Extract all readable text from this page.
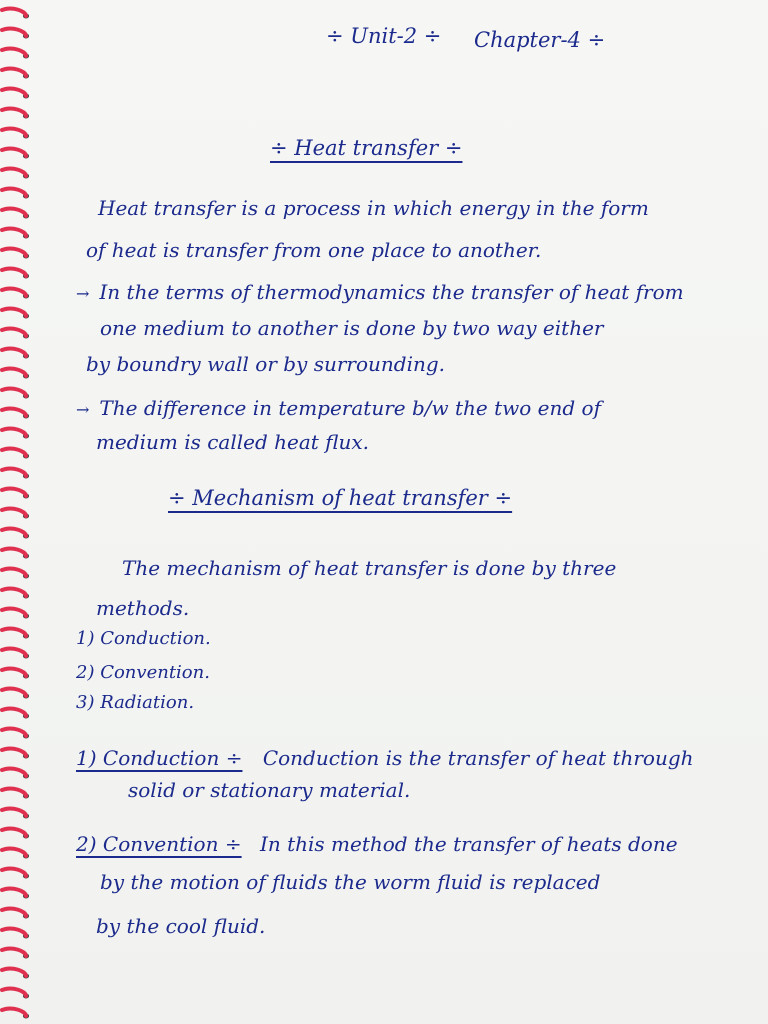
÷ Unit-2 ÷ Chapter-4 ÷
÷ Heat transfer ÷
Heat transfer is a process in which energy in the form
of heat is transfer from one place to another.
→ In the terms of thermodynamics the transfer of heat from
one medium to another is done by two way either
by boundry wall or by surrounding.
→ The difference in temperature b/w the two end of
medium is called heat flux.
÷ Mechanism of heat transfer ÷
The mechanism of heat transfer is done by three
methods.
1) Conduction.
2) Convention.
3) Radiation.
1) Conduction ÷ Conduction is the transfer of heat through
solid or stationary material.
2) Convention ÷ In this method the transfer of heats done
by the motion of fluids the worm fluid is replaced
by the cool fluid.
